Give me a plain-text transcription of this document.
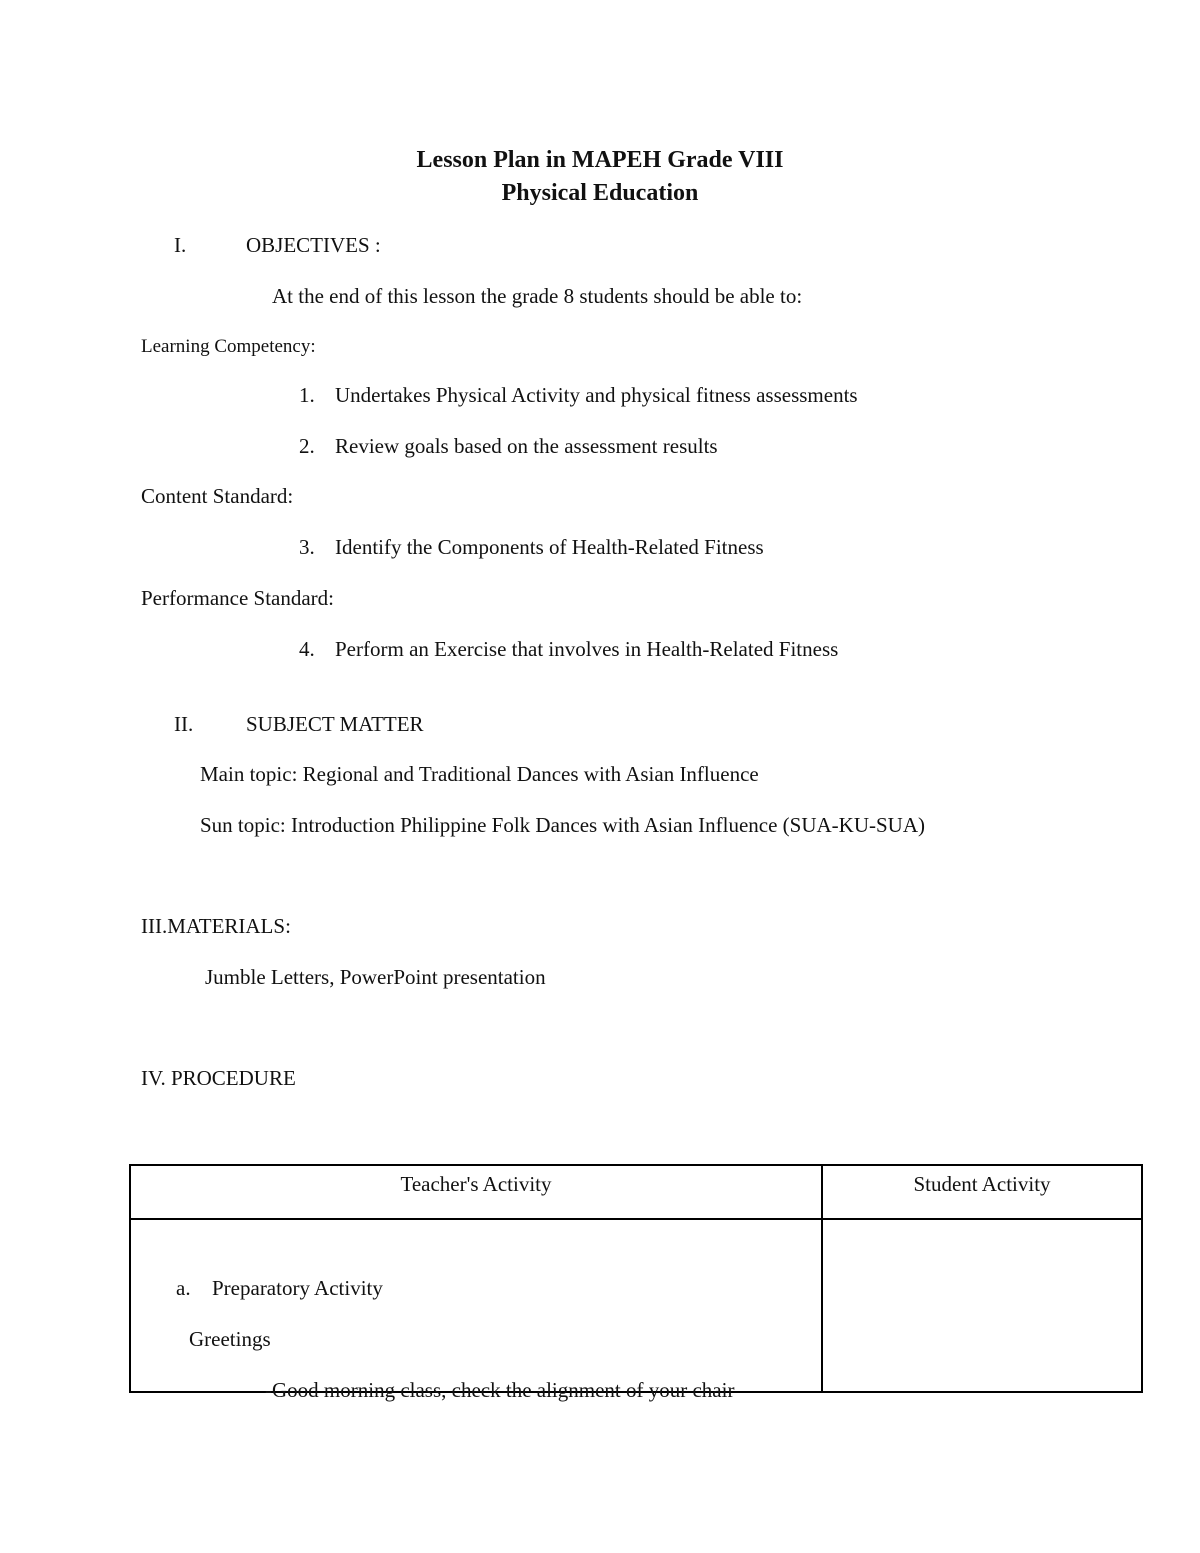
Lesson Plan in MAPEH Grade VIII
Physical Education
I.	OBJECTIVES :
At the end of this lesson the grade 8 students should be able to:
Learning Competency:
1. Undertakes Physical Activity and physical fitness assessments
2. Review goals based on the assessment results
Content Standard:
3. Identify the Components of Health-Related Fitness
Performance Standard:
4. Perform an Exercise that involves in Health-Related Fitness
II.	SUBJECT MATTER
Main topic: Regional and Traditional Dances with Asian Influence
Sun topic: Introduction Philippine Folk Dances with Asian Influence (SUA-KU-SUA)
III.MATERIALS:
Jumble Letters, PowerPoint presentation
IV. PROCEDURE
Teacher's Activity	Student Activity

a. Preparatory Activity
Greetings
-Good morning class, check the alignment of your chair	
